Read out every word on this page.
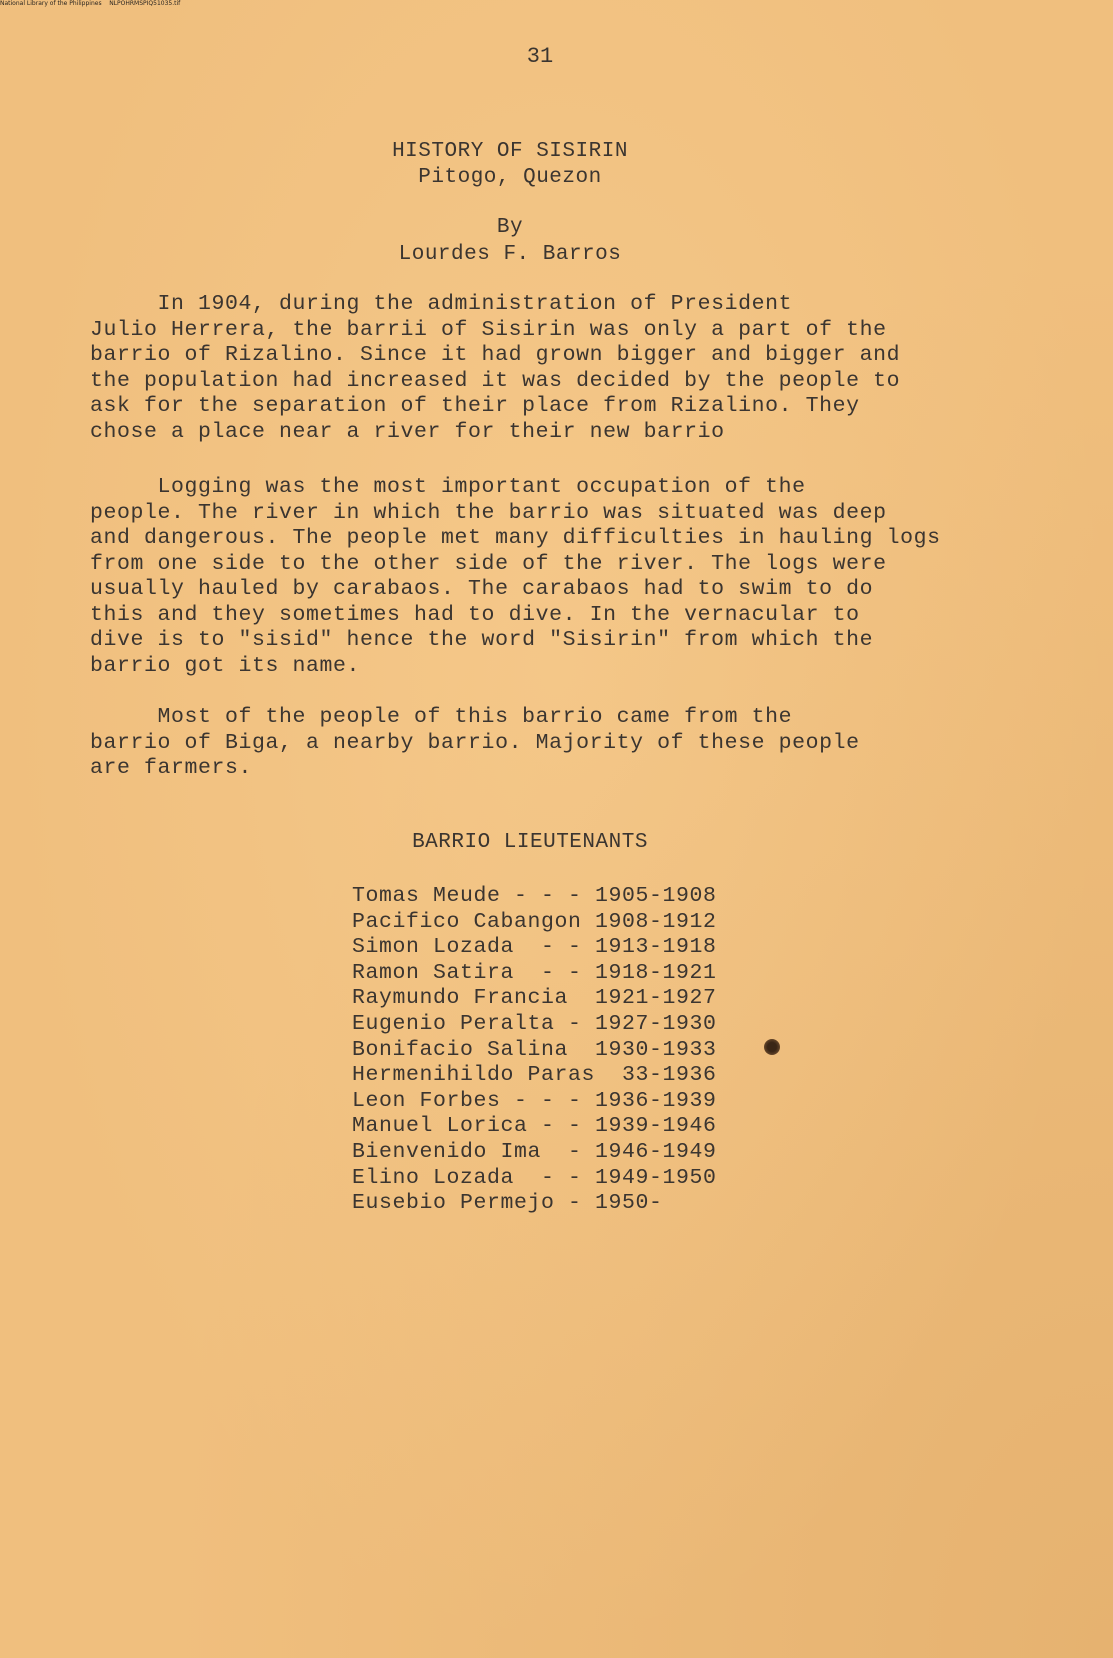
31
HISTORY OF SISIRIN
Pitogo, Quezon
By
Lourdes F. Barros

In 1904, during the administration of President

Julio Herrera, the barrii of Sisirin was only a part of the

barrio of Rizalino. Since it had grown bigger and bigger and

the population had increased it was decided by the people to

ask for the separation of their place from Rizalino. They

chose a place near a river for their new barrio

Logging was the most important occupation of the

people. The river in which the barrio was situated was deep

and dangerous. The people met many difficulties in hauling logs

from one side to the other side of the river. The logs were

usually hauled by carabaos. The carabaos had to swim to do

this and they sometimes had to dive. In the vernacular to

dive is to "sisid" hence the word "Sisirin" from which the

barrio got its name.

Most of the people of this barrio came from the

barrio of Biga, a nearby barrio. Majority of these people

are farmers.

BARRIO LIEUTENANTS
Tomas Meude - - - 1905-1908
Pacifico Cabangon 1908-1912
Simon Lozada  - - 1913-1918
Ramon Satira  - - 1918-1921
Raymundo Francia  1921-1927
Eugenio Peralta - 1927-1930
Bonifacio Salina  1930-1933
Hermenihildo Paras  33-1936
Leon Forbes - - - 1936-1939
Manuel Lorica - - 1939-1946
Bienvenido Ima  - 1946-1949
Elino Lozada  - - 1949-1950
Eusebio Permejo - 1950-
National Library of the Philippines    NLPOHRMSPIQ51035.tif
